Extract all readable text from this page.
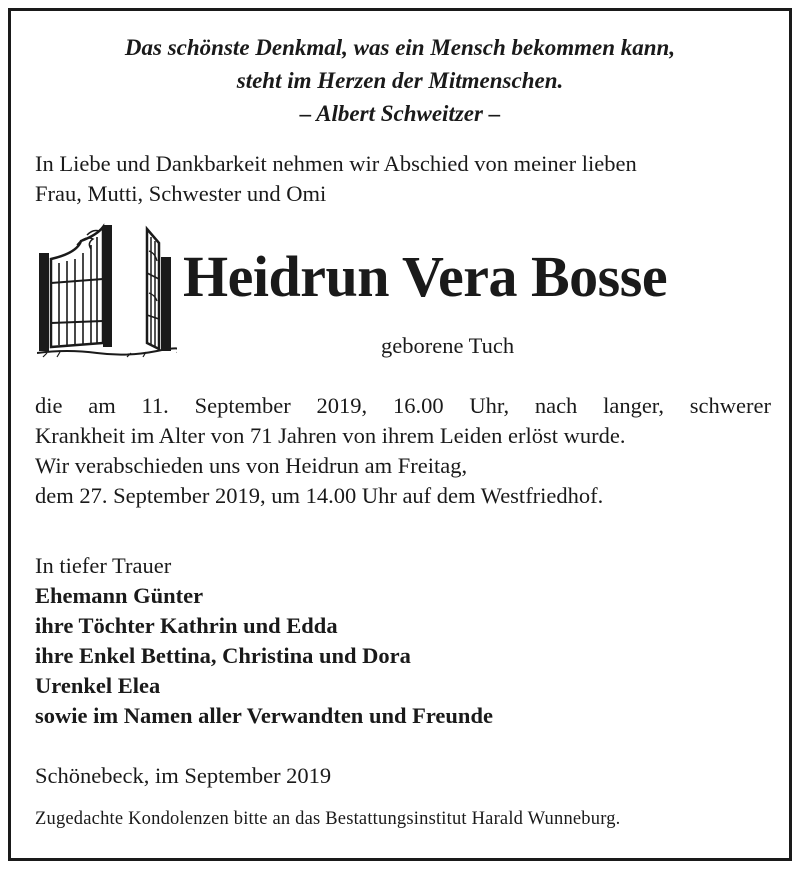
Das schönste Denkmal, was ein Mensch bekommen kann,
steht im Herzen der Mitmenschen.
– Albert Schweitzer –
In Liebe und Dankbarkeit nehmen wir Abschied von meiner lieben
Frau, Mutti, Schwester und Omi
Heidrun Vera Bosse
geborene Tuch
die am 11. September 2019, 16.00 Uhr, nach langer, schwerer
Krankheit im Alter von 71 Jahren von ihrem Leiden erlöst wurde.
Wir verabschieden uns von Heidrun am Freitag,
dem 27. September 2019, um 14.00 Uhr auf dem Westfriedhof.
In tiefer Trauer
Ehemann Günter
ihre Töchter Kathrin und Edda
ihre Enkel Bettina, Christina und Dora
Urenkel Elea
sowie im Namen aller Verwandten und Freunde
Schönebeck, im September 2019
Zugedachte Kondolenzen bitte an das Bestattungsinstitut Harald Wunneburg.
